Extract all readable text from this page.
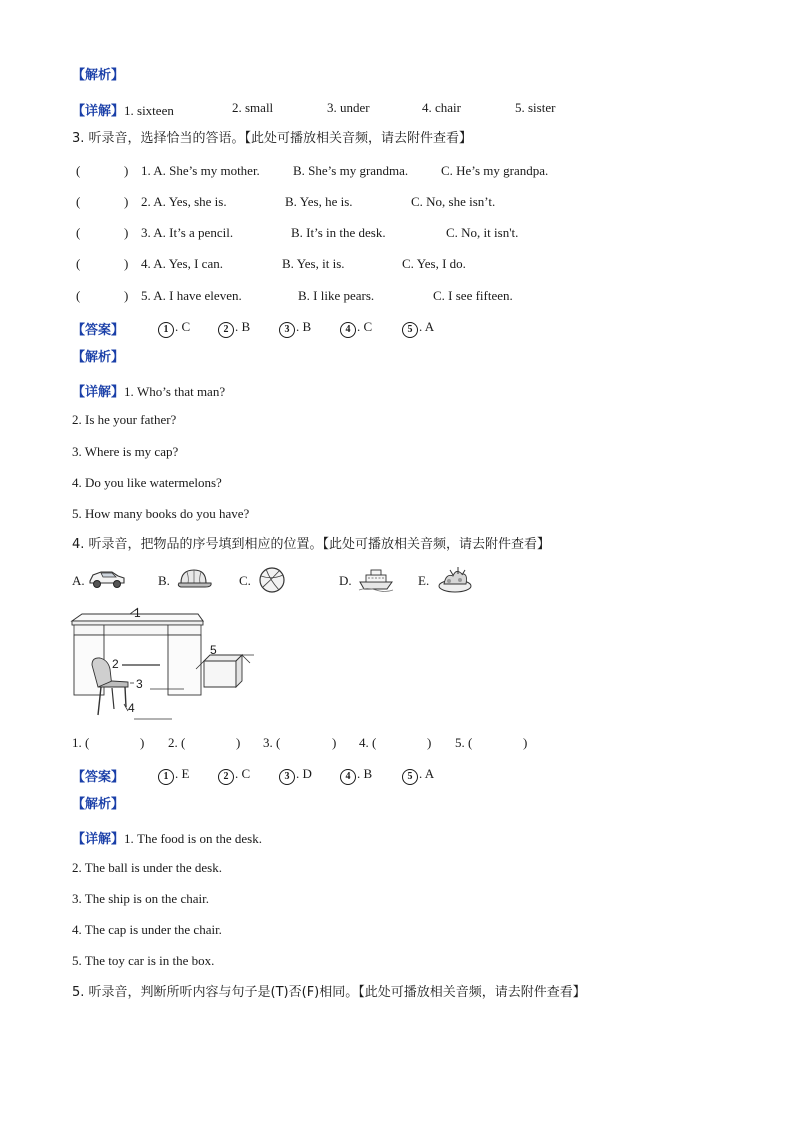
【解析】
【详解】1. sixteen	2. small	3. under	4. chair	5. sister
3. 听录音，选择恰当的答语。【此处可播放相关音频，请去附件查看】
(	) 1. A. She’s my mother.	B. She’s my grandma.	C. He’s my grandpa.
(	) 2. A. Yes, she is.	B. Yes, he is.	C. No, she isn’t.
(	) 3. A. It’s a pencil.	B. It’s in the desk.	C. No, it isn't.
(	) 4. A. Yes, I can.	B. Yes, it is.	C. Yes, I do.
(	) 5. A. I have eleven.	B. I like pears.	C. I see fifteen.
【答案】	1 . C	2 . B	3 . B	4 . C	5 . A
【解析】
【详解】1. Who’s that man?
2. Is he your father?
3. Where is my cap?
4. Do you like watermelons?
5. How many books do you have?
4. 听录音，把物品的序号填到相应的位置。【此处可播放相关音频，请去附件查看】
A.	B.	C.	D.	E.
1
2
3
4
5
1. (	) 2. (	) 3. (	) 4. (	) 5. (	)
【答案】	1 . E	2 . C	3 . D	4 . B	5 . A
【解析】
【详解】1. The food is on the desk.
2. The ball is under the desk.
3. The ship is on the chair.
4. The cap is under the chair.
5. The toy car is in the box.
5. 听录音，判断所听内容与句子是(T)否(F)相同。【此处可播放相关音频，请去附件查看】
